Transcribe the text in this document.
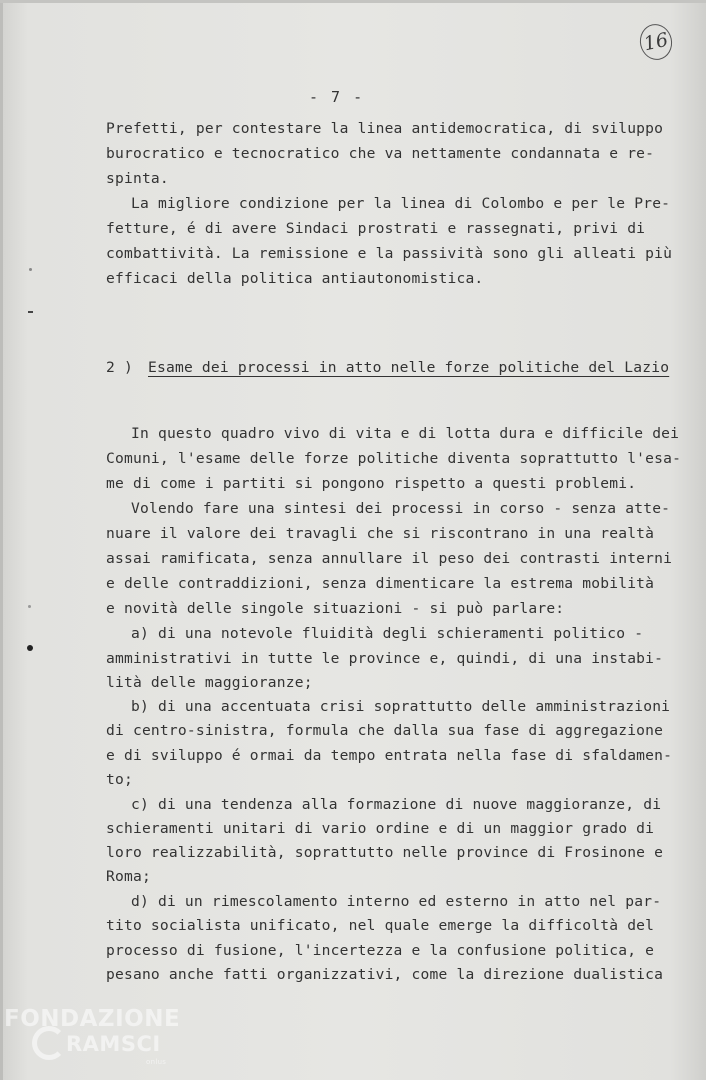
16
- 7 -
Prefetti, per contestare la linea antidemocratica, di sviluppo
burocratico e tecnocratico che va nettamente condannata e re-
spinta.
La migliore condizione per la linea di Colombo e per le Pre-
fetture, é di avere Sindaci prostrati e rassegnati, privi di
combattività. La remissione e la passività sono gli alleati più
efficaci della politica antiautonomistica.
2 ) Esame dei processi in atto nelle forze politiche del Lazio
In questo quadro vivo di vita e di lotta dura e difficile dei
Comuni, l'esame delle forze politiche diventa soprattutto l'esa-
me di come i partiti si pongono rispetto a questi problemi.
Volendo fare una sintesi dei processi in corso - senza atte-
nuare il valore dei travagli che si riscontrano in una realtà
assai ramificata, senza annullare il peso dei contrasti interni
e delle contraddizioni, senza dimenticare la estrema mobilità
e novità delle singole situazioni - si può parlare:
a) di una notevole fluidità degli schieramenti politico -
amministrativi in tutte le province e, quindi, di una instabi-
lità delle maggioranze;
b) di una accentuata crisi soprattutto delle amministrazioni
di centro-sinistra, formula che dalla sua fase di aggregazione
e di sviluppo é ormai da tempo entrata nella fase di sfaldamen-
to;
c) di una tendenza alla formazione di nuove maggioranze, di
schieramenti unitari di vario ordine e di un maggior grado di
loro realizzabilità, soprattutto nelle province di Frosinone e
Roma;
d) di un rimescolamento interno ed esterno in atto nel par-
tito socialista unificato, nel quale emerge la difficoltà del
processo di fusione, l'incertezza e la confusione politica, e
pesano anche fatti organizzativi, come la direzione dualistica
FONDAZIONE
RAMSCI
onlus
